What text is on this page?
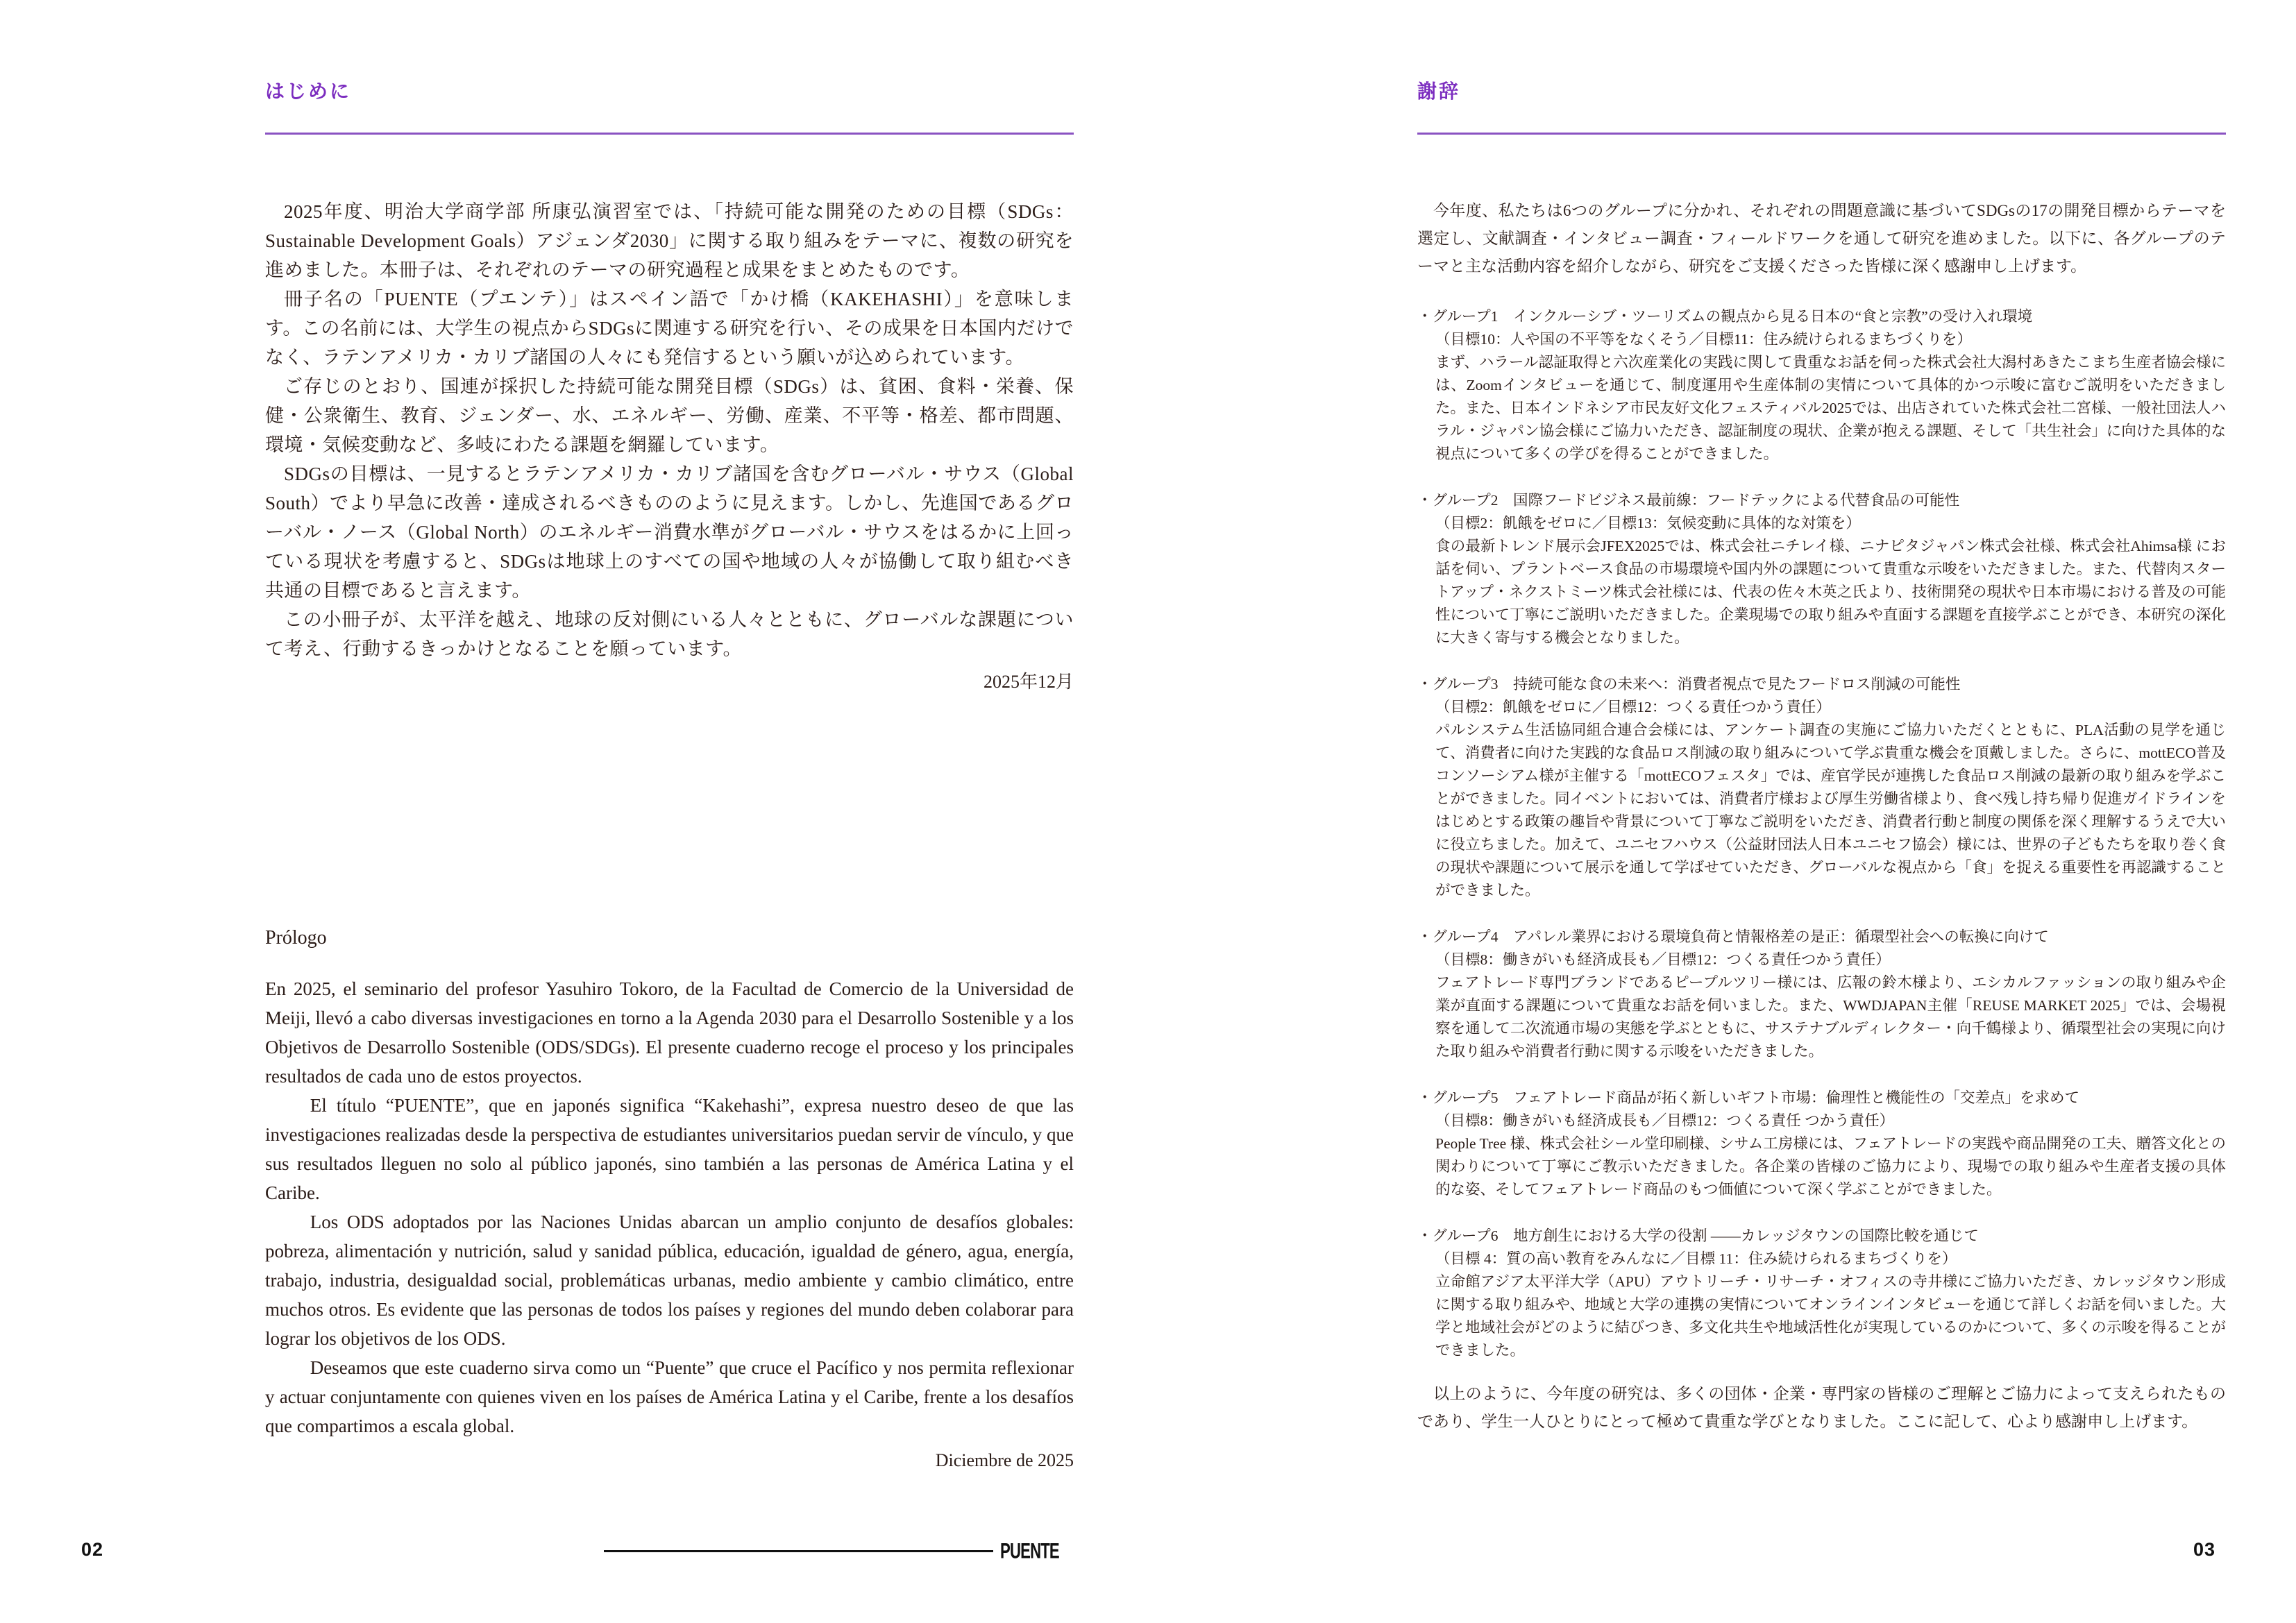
はじめに

2025年度、明治大学商学部 所康弘演習室では、「持続可能な開発のための目標（SDGs：Sustainable Development Goals）アジェンダ2030」に関する取り組みをテーマに、複数の研究を進めました。本冊子は、それぞれのテーマの研究過程と成果をまとめたものです。

冊子名の「PUENTE（プエンテ）」はスペイン語で「かけ橋（KAKEHASHI）」を意味します。この名前には、大学生の視点からSDGsに関連する研究を行い、その成果を日本国内だけでなく、ラテンアメリカ・カリブ諸国の人々にも発信するという願いが込められています。

ご存じのとおり、国連が採択した持続可能な開発目標（SDGs）は、貧困、食料・栄養、保健・公衆衛生、教育、ジェンダー、水、エネルギー、労働、産業、不平等・格差、都市問題、環境・気候変動など、多岐にわたる課題を網羅しています。

SDGsの目標は、一見するとラテンアメリカ・カリブ諸国を含むグローバル・サウス（Global South）でより早急に改善・達成されるべきもののように見えます。しかし、先進国であるグローバル・ノース（Global North）のエネルギー消費水準がグローバル・サウスをはるかに上回っている現状を考慮すると、SDGsは地球上のすべての国や地域の人々が協働して取り組むべき共通の目標であると言えます。

この小冊子が、太平洋を越え、地球の反対側にいる人々とともに、グローバルな課題について考え、行動するきっかけとなることを願っています。

2025年12月
Prólogo

En 2025, el seminario del profesor Yasuhiro Tokoro, de la Facultad de Comercio de la Universidad de Meiji, llevó a cabo diversas investigaciones en torno a la Agenda 2030 para el Desarrollo Sostenible y a los Objetivos de Desarrollo Sostenible (ODS/SDGs). El presente cuaderno recoge el proceso y los principales resultados de cada uno de estos proyectos.

El título “PUENTE”, que en japonés significa “Kakehashi”, expresa nuestro deseo de que las investigaciones realizadas desde la perspectiva de estudiantes universitarios puedan servir de vínculo, y que sus resultados lleguen no solo al público japonés, sino también a las personas de América Latina y el Caribe.

Los ODS adoptados por las Naciones Unidas abarcan un amplio conjunto de desafíos globales: pobreza, alimentación y nutrición, salud y sanidad pública, educación, igualdad de género, agua, energía, trabajo, industria, desigualdad social, problemáticas urbanas, medio ambiente y cambio climático, entre muchos otros. Es evidente que las personas de todos los países y regiones del mundo deben colaborar para lograr los objetivos de los ODS.

Deseamos que este cuaderno sirva como un “Puente” que cruce el Pacífico y nos permita reflexionar y actuar conjuntamente con quienes viven en los países de América Latina y el Caribe, frente a los desafíos que compartimos a escala global.

Diciembre de 2025
謝辞

今年度、私たちは6つのグループに分かれ、それぞれの問題意識に基づいてSDGsの17の開発目標からテーマを選定し、文献調査・インタビュー調査・フィールドワークを通して研究を進めました。以下に、各グループのテーマと主な活動内容を紹介しながら、研究をご支援くださった皆様に深く感謝申し上げます。

・グループ1　インクルーシブ・ツーリズムの観点から見る日本の“食と宗教”の受け入れ環境

（目標10：人や国の不平等をなくそう／目標11：住み続けられるまちづくりを）

まず、ハラール認証取得と六次産業化の実践に関して貴重なお話を伺った株式会社大潟村あきたこまち生産者協会様には、Zoomインタビューを通じて、制度運用や生産体制の実情について具体的かつ示唆に富むご説明をいただきました。また、日本インドネシア市民友好文化フェスティバル2025では、出店されていた株式会社二宮様、一般社団法人ハラル・ジャパン協会様にご協力いただき、認証制度の現状、企業が抱える課題、そして「共生社会」に向けた具体的な視点について多くの学びを得ることができました。

・グループ2　国際フードビジネス最前線：フードテックによる代替食品の可能性

（目標2：飢餓をゼロに／目標13：気候変動に具体的な対策を）

食の最新トレンド展示会JFEX2025では、株式会社ニチレイ様、ニナピタジャパン株式会社様、株式会社Ahimsa様 にお話を伺い、プラントベース食品の市場環境や国内外の課題について貴重な示唆をいただきました。また、代替肉スタートアップ・ネクストミーツ株式会社様には、代表の佐々木英之氏より、技術開発の現状や日本市場における普及の可能性について丁寧にご説明いただきました。企業現場での取り組みや直面する課題を直接学ぶことができ、本研究の深化に大きく寄与する機会となりました。

・グループ3　持続可能な食の未来へ：消費者視点で見たフードロス削減の可能性

（目標2：飢餓をゼロに／目標12：つくる責任つかう責任）

パルシステム生活協同組合連合会様には、アンケート調査の実施にご協力いただくとともに、PLA活動の見学を通じて、消費者に向けた実践的な食品ロス削減の取り組みについて学ぶ貴重な機会を頂戴しました。さらに、mottECO普及コンソーシアム様が主催する「mottECOフェスタ」では、産官学民が連携した食品ロス削減の最新の取り組みを学ぶことができました。同イベントにおいては、消費者庁様および厚生労働省様より、食べ残し持ち帰り促進ガイドラインをはじめとする政策の趣旨や背景について丁寧なご説明をいただき、消費者行動と制度の関係を深く理解するうえで大いに役立ちました。加えて、ユニセフハウス（公益財団法人日本ユニセフ協会）様には、世界の子どもたちを取り巻く食の現状や課題について展示を通して学ばせていただき、グローバルな視点から「食」を捉える重要性を再認識することができました。

・グループ4　アパレル業界における環境負荷と情報格差の是正：循環型社会への転換に向けて

（目標8：働きがいも経済成長も／目標12：つくる責任つかう責任）

フェアトレード専門ブランドであるピープルツリー様には、広報の鈴木様より、エシカルファッションの取り組みや企業が直面する課題について貴重なお話を伺いました。また、WWDJAPAN主催「REUSE MARKET 2025」では、会場視察を通して二次流通市場の実態を学ぶとともに、サステナブルディレクター・向千鶴様より、循環型社会の実現に向けた取り組みや消費者行動に関する示唆をいただきました。

・グループ5　フェアトレード商品が拓く新しいギフト市場：倫理性と機能性の「交差点」を求めて

（目標8：働きがいも経済成長も／目標12：つくる責任 つかう責任）

People Tree 様、株式会社シール堂印刷様、シサム工房様には、フェアトレードの実践や商品開発の工夫、贈答文化との関わりについて丁寧にご教示いただきました。各企業の皆様のご協力により、現場での取り組みや生産者支援の具体的な姿、そしてフェアトレード商品のもつ価値について深く学ぶことができました。

・グループ6　地方創生における大学の役割 ——カレッジタウンの国際比較を通じて

（目標 4：質の高い教育をみんなに／目標 11：住み続けられるまちづくりを）

立命館アジア太平洋大学（APU）アウトリーチ・リサーチ・オフィスの寺井様にご協力いただき、カレッジタウン形成に関する取り組みや、地域と大学の連携の実情についてオンラインインタビューを通じて詳しくお話を伺いました。大学と地域社会がどのように結びつき、多文化共生や地域活性化が実現しているのかについて、多くの示唆を得ることができました。

以上のように、今年度の研究は、多くの団体・企業・専門家の皆様のご理解とご協力によって支えられたものであり、学生一人ひとりにとって極めて貴重な学びとなりました。ここに記して、心より感謝申し上げます。

02	PUENTE	03
